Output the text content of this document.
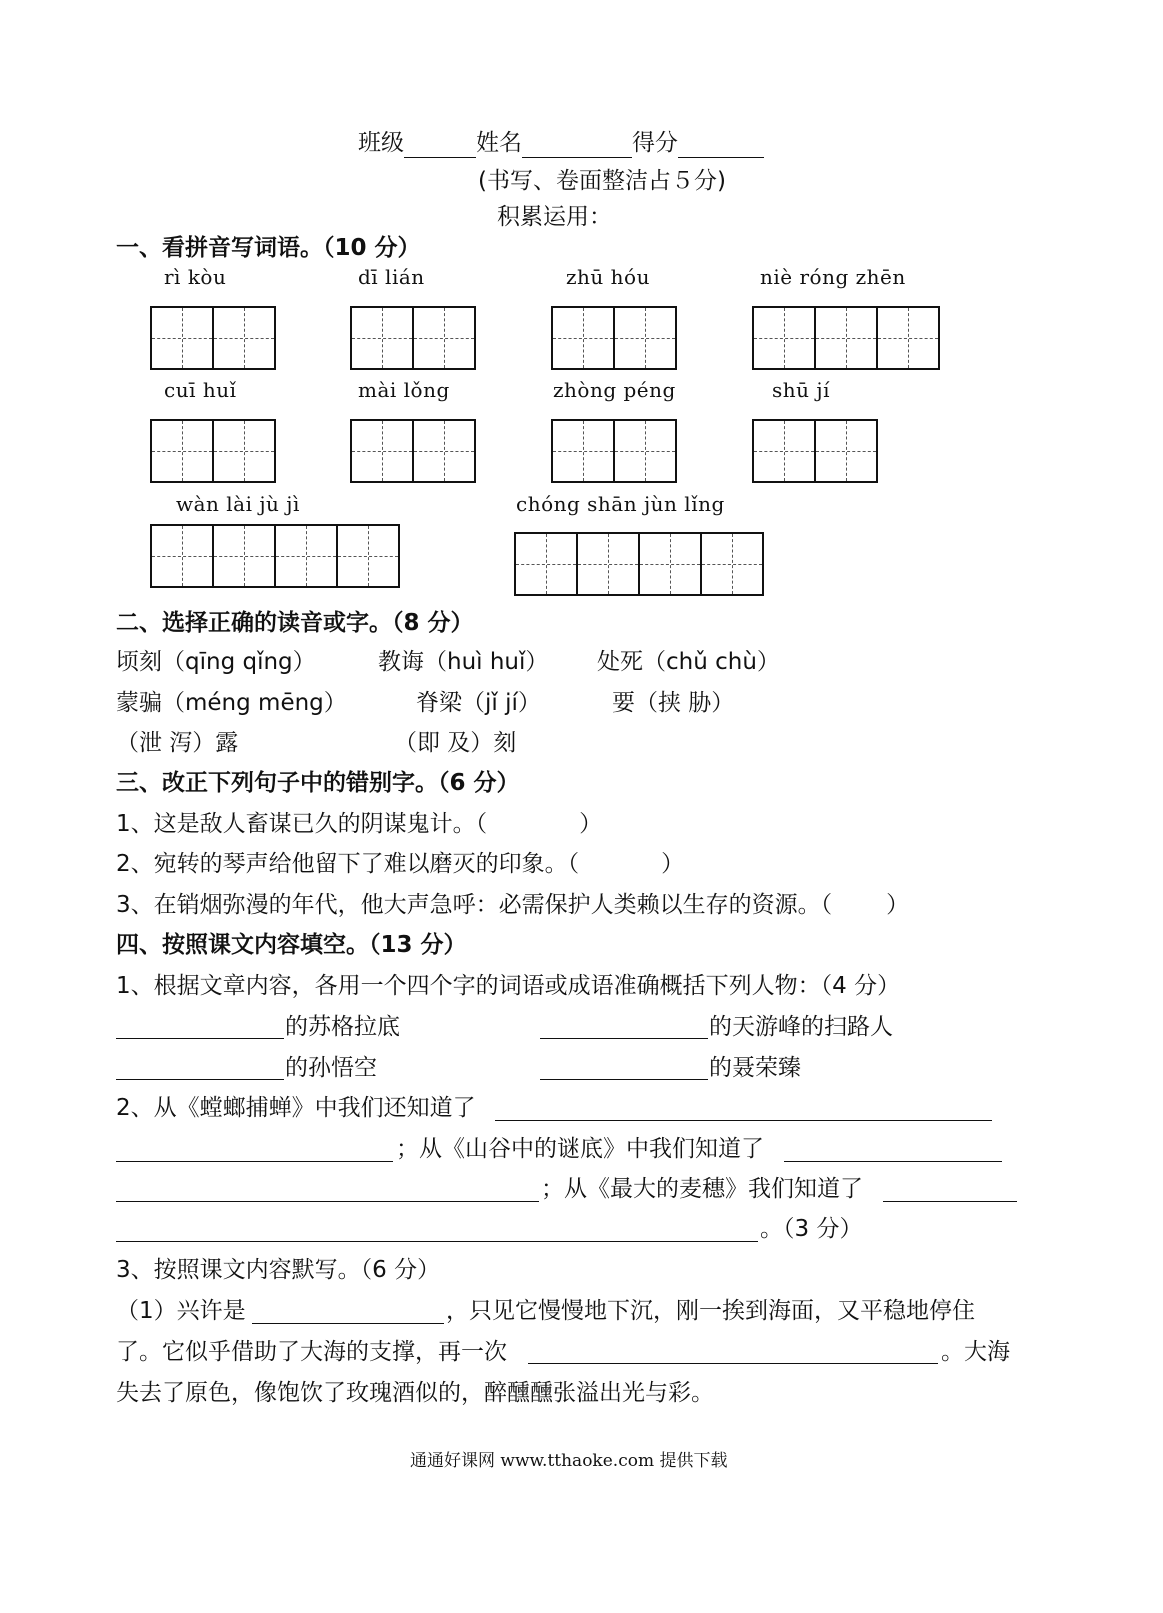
班级	姓名	得分
(书写、卷面整洁占５分)
积累运用：
一、看拼音写词语。（10 分）
rì kòu	dī lián	zhū hóu	niè róng zhēn
cuī huǐ	mài lǒng	zhòng péng	shū jí
wàn lài jù jì	chóng shān jùn lǐng
二、选择正确的读音或字。（8 分）
顷刻（qīng qǐng）	教诲（huì huǐ） 处死（chǔ chù）
蒙骗（méng mēng）	脊梁（jǐ jí）	要（挟 胁）
（泄 泻）露	（即 及）刻
三、改正下列句子中的错别字。（6 分）
1、这是敌人畜谋已久的阴谋鬼计。（	）
2、宛转的琴声给他留下了难以磨灭的印象。（	）
3、在销烟弥漫的年代，他大声急呼：必需保护人类赖以生存的资源。（ ）
四、按照课文内容填空。（13 分）
1、根据文章内容，各用一个四个字的词语或成语准确概括下列人物：（4 分）
的苏格拉底	的天游峰的扫路人
的孙悟空	的聂荣臻
2、从《螳螂捕蝉》中我们还知道了
；从《山谷中的谜底》中我们知道了
；从《最大的麦穗》我们知道了
。（3 分）
3、按照课文内容默写。（6 分）
（1）兴许是	，只见它慢慢地下沉，刚一挨到海面，又平稳地停住
了。它似乎借助了大海的支撑，再一次	。大海
失去了原色，像饱饮了玫瑰酒似的，醉醺醺张溢出光与彩。
通通好课网 www.tthaoke.com 提供下载
